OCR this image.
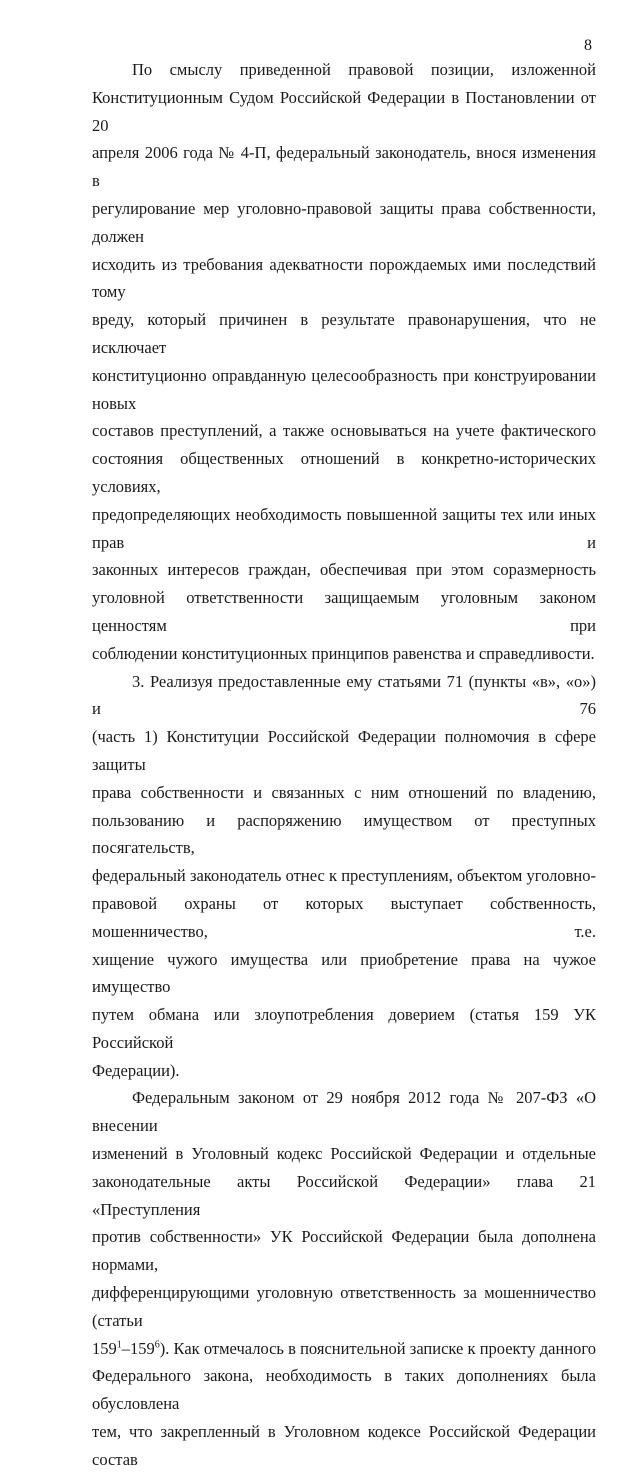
8

По смыслу приведенной правовой позиции, изложенной
Конституционным Судом Российской Федерации в Постановлении от 20
апреля 2006 года № 4-П, федеральный законодатель, внося изменения в
регулирование мер уголовно-правовой защиты права собственности, должен
исходить из требования адекватности порождаемых ими последствий тому
вреду, который причинен в результате правонарушения, что не исключает
конституционно оправданную целесообразность при конструировании новых
составов преступлений, а также основываться на учете фактического
состояния общественных отношений в конкретно-исторических условиях,
предопределяющих необходимость повышенной защиты тех или иных прав и
законных интересов граждан, обеспечивая при этом соразмерность
уголовной ответственности защищаемым уголовным законом ценностям при
соблюдении конституционных принципов равенства и справедливости.

3. Реализуя предоставленные ему статьями 71 (пункты «в», «о») и 76
(часть 1) Конституции Российской Федерации полномочия в сфере защиты
права собственности и связанных с ним отношений по владению,
пользованию и распоряжению имуществом от преступных посягательств,
федеральный законодатель отнес к преступлениям, объектом уголовно-
правовой охраны от которых выступает собственность, мошенничество, т.е.
хищение чужого имущества или приобретение права на чужое имущество
путем обмана или злоупотребления доверием (статья 159 УК Российской
Федерации).

Федеральным законом от 29 ноября 2012 года № 207-ФЗ «О внесении
изменений в Уголовный кодекс Российской Федерации и отдельные
законодательные акты Российской Федерации» глава 21 «Преступления
против собственности» УК Российской Федерации была дополнена нормами,
дифференцирующими уголовную ответственность за мошенничество (статьи
$159^1-159^6$). Как отмечалось в пояснительной записке к проекту данного
Федерального закона, необходимость в таких дополнениях была обусловлена
тем, что закрепленный в Уголовном кодексе Российской Федерации состав
